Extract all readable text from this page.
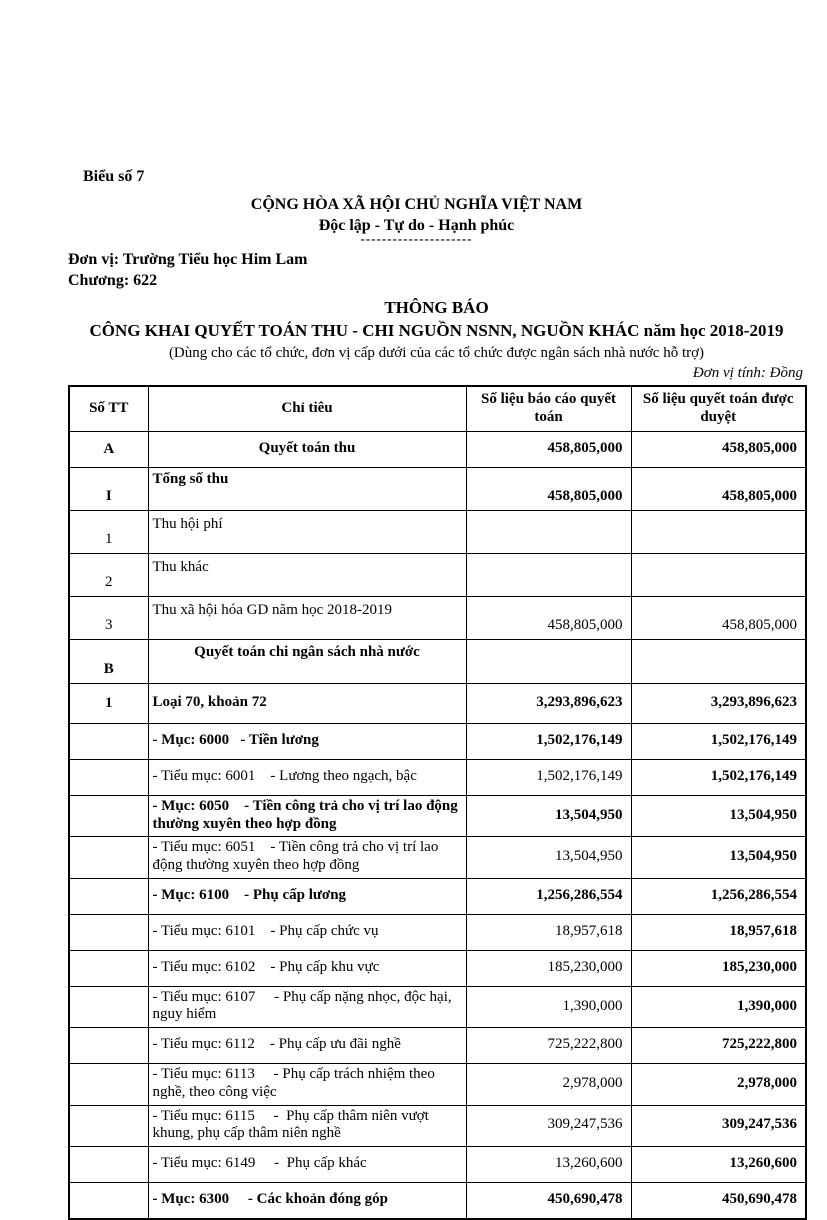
Biểu số 7
CỘNG HÒA XÃ HỘI CHỦ NGHĨA VIỆT NAM
Độc lập - Tự do - Hạnh phúc
---------------------
Đơn vị: Trường Tiểu học Him Lam
Chương: 622
THÔNG BÁO
CÔNG KHAI QUYẾT TOÁN THU - CHI NGUỒN NSNN, NGUỒN KHÁC năm học 2018-2019
(Dùng cho các tổ chức, đơn vị cấp dưới của các tổ chức được ngân sách nhà nước hỗ trợ)
Đơn vị tính: Đồng
Số TT	Chỉ tiêu	Số liệu báo cáo quyết toán	Số liệu quyết toán được duyệt
A	Quyết toán thu	458,805,000	458,805,000
I	Tổng số thu	458,805,000	458,805,000
1	Thu hội phí		
2	Thu khác		
3	Thu xã hội hóa GD năm học 2018-2019	458,805,000	458,805,000
B	Quyết toán chi ngân sách nhà nước		
1	Loại 70, khoản 72	3,293,896,623	3,293,896,623
	- Mục: 6000   - Tiền lương	1,502,176,149	1,502,176,149
	- Tiểu mục: 6001    - Lương theo ngạch, bậc	1,502,176,149	1,502,176,149
	- Mục: 6050    - Tiền công trả cho vị trí lao động thường xuyên theo hợp đồng	13,504,950	13,504,950
	- Tiểu mục: 6051    - Tiền công trả cho vị trí lao động thường xuyên theo hợp đồng	13,504,950	13,504,950
	- Mục: 6100    - Phụ cấp lương	1,256,286,554	1,256,286,554
	- Tiểu mục: 6101    - Phụ cấp chức vụ	18,957,618	18,957,618
	- Tiểu mục: 6102    - Phụ cấp khu vực	185,230,000	185,230,000
	- Tiểu mục: 6107     - Phụ cấp nặng nhọc, độc hại, nguy hiểm	1,390,000	1,390,000
	- Tiểu mục: 6112    - Phụ cấp ưu đãi nghề	725,222,800	725,222,800
	- Tiểu mục: 6113     - Phụ cấp trách nhiệm theo nghề, theo công việc	2,978,000	2,978,000
	- Tiểu mục: 6115     -  Phụ cấp thâm niên vượt khung, phụ cấp thâm niên nghề	309,247,536	309,247,536
	- Tiểu mục: 6149     -  Phụ cấp khác	13,260,600	13,260,600
	- Mục: 6300     - Các khoản đóng góp	450,690,478	450,690,478
